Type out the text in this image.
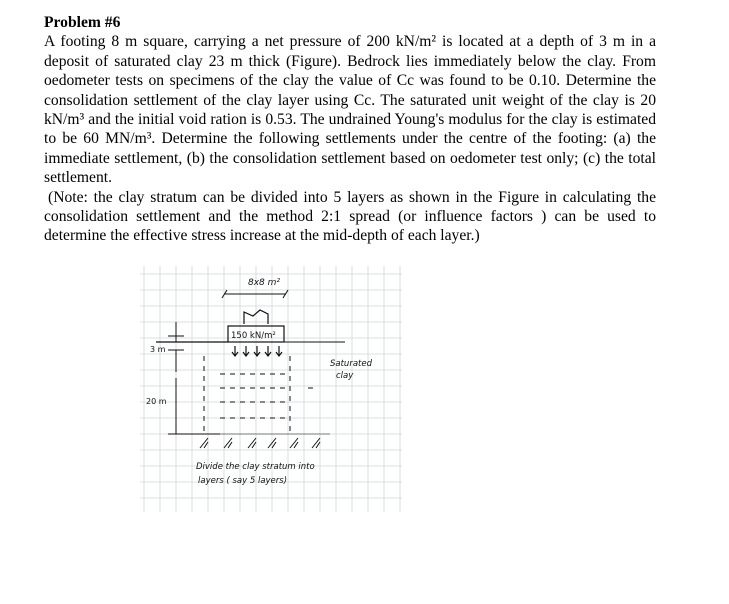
Problem #6

A footing 8 m square, carrying a net pressure of 200 kN/m² is located at a depth of 3 m in a deposit of saturated clay 23 m thick (Figure). Bedrock lies immediately below the clay. From oedometer tests on specimens of the clay the value of Cc was found to be 0.10. Determine the consolidation settlement of the clay layer using Cc. The saturated unit weight of the clay is 20 kN/m³ and the initial void ration is 0.53. The undrained Young's modulus for the clay is estimated to be 60 MN/m³. Determine the following settlements under the centre of the footing: (a) the immediate settlement, (b) the consolidation settlement based on oedometer test only; (c) the total settlement.

(Note: the clay stratum can be divided into 5 layers as shown in the Figure in calculating the consolidation settlement and the method 2:1 spread (or influence factors ) can be used to determine the effective stress increase at the mid-depth of each layer.)

8x8 m²
150 kN/m²
3 m
20 m
Saturated
clay
Divide the clay stratum into
layers ( say 5 layers)
